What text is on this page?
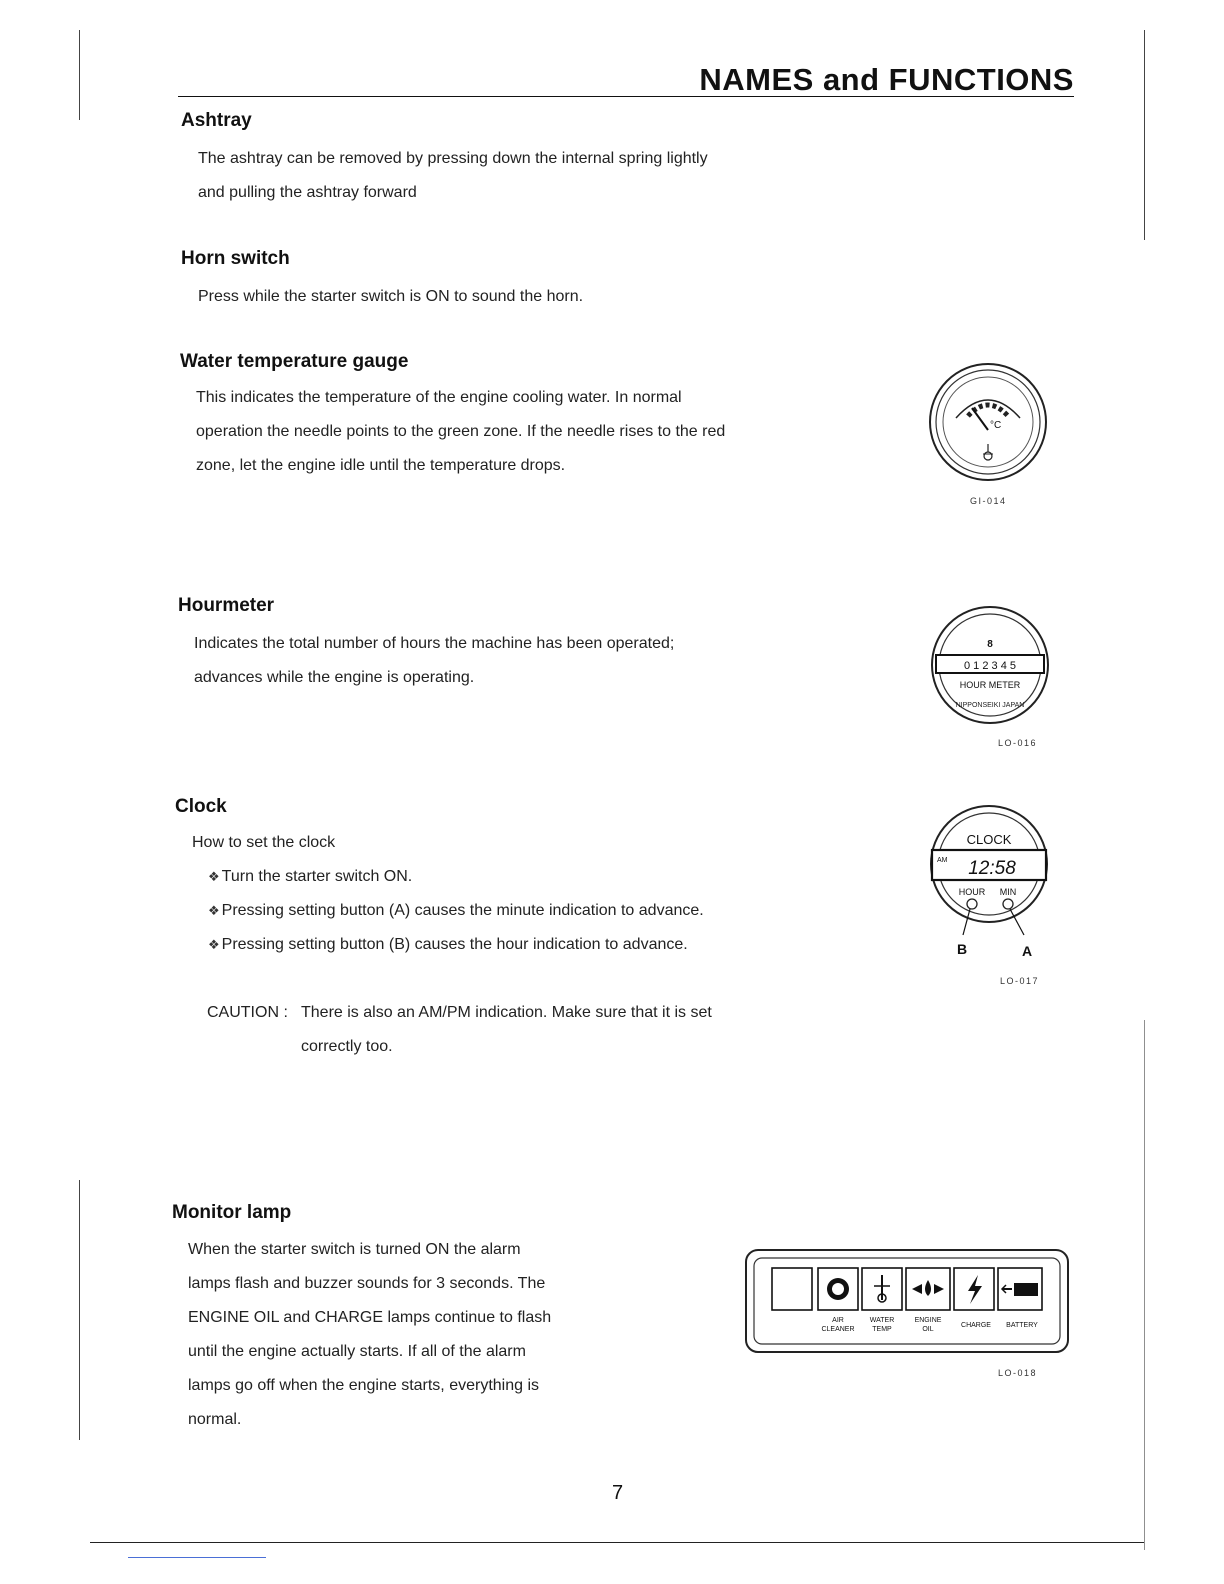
NAMES and FUNCTIONS
Ashtray
The ashtray can be removed by pressing down the internal spring lightly
and pulling the ashtray forward
Horn switch
Press while the starter switch is ON to sound the horn.
Water temperature gauge
This indicates the temperature of the engine cooling water. In normal
operation the needle points to the green zone. If the needle rises to the red
zone, let the engine idle until the temperature drops.
°C
GI-014
Hourmeter
Indicates the total number of hours the machine has been operated;
advances while the engine is operating.
8
0 1 2 3 4 5
HOUR METER
NIPPONSEIKI JAPAN
LO-016
Clock
How to set the clock
❖ Turn the starter switch ON.
❖ Pressing setting button (A) causes the minute indication to advance.
❖ Pressing setting button (B) causes the hour indication to advance.
CAUTION : There is also an AM/PM indication. Make sure that it is set
correctly too.
CLOCK
AM 12:58
HOUR MIN
B	A
LO-017
Monitor lamp
When the starter switch is turned ON the alarm
lamps flash and buzzer sounds for 3 seconds. The
ENGINE OIL and CHARGE lamps continue to flash
until the engine actually starts. If all of the alarm
lamps go off when the engine starts, everything is
normal.
AIR
CLEANER
WATER
TEMP
ENGINE
OIL
CHARGE BATTERY
LO-018
7
